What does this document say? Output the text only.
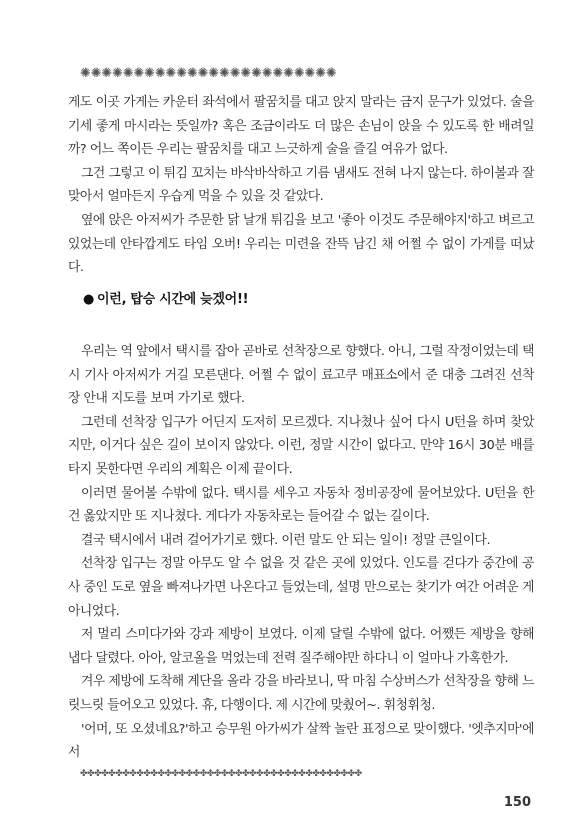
✺✺✺✺✺✺✺✺✺✺✺✺✺✺✺✺✺✺✺✺✺✺✺✺

게도 이곳 가게는 카운터 좌석에서 팔꿈치를 대고 앉지 말라는 금지 문구가 있었다. 술을 기세 좋게 마시라는 뜻일까? 혹은 조금이라도 더 많은 손님이 앉을 수 있도록 한 배려일까? 어느 쪽이든 우리는 팔꿈치를 대고 느긋하게 술을 즐길 여유가 없다.

그건 그렇고 이 튀김 꼬치는 바삭바삭하고 기름 냄새도 전혀 나지 않는다. 하이볼과 잘 맞아서 얼마든지 우습게 먹을 수 있을 것 같았다.

옆에 앉은 아저씨가 주문한 닭 날개 튀김을 보고 '좋아 이것도 주문해야지'하고 벼르고 있었는데 안타깝게도 타임 오버! 우리는 미련을 잔뜩 남긴 채 어쩔 수 없이 가게를 떠났다.

● 이런, 탑승 시간에 늦겠어!!

우리는 역 앞에서 택시를 잡아 곧바로 선착장으로 향했다. 아니, 그럴 작정이었는데 택시 기사 아저씨가 거길 모른댄다. 어쩔 수 없이 료고쿠 매표소에서 준 대충 그려진 선착장 안내 지도를 보며 가기로 했다.

그런데 선착장 입구가 어딘지 도저히 모르겠다. 지나쳤나 싶어 다시 U턴을 하며 찾았지만, 이거다 싶은 길이 보이지 않았다. 이런, 정말 시간이 없다고. 만약 16시 30분 배를 타지 못한다면 우리의 계획은 이제 끝이다.

이러면 물어볼 수밖에 없다. 택시를 세우고 자동차 정비공장에 물어보았다. U턴을 한 건 옳았지만 또 지나쳤다. 게다가 자동차로는 들어갈 수 없는 길이다.

결국 택시에서 내려 걸어가기로 했다. 이런 말도 안 되는 일이! 정말 큰일이다.

선착장 입구는 정말 아무도 알 수 없을 것 같은 곳에 있었다. 인도를 걷다가 중간에 공사 중인 도로 옆을 빠져나가면 나온다고 들었는데, 설명 만으로는 찾기가 여간 어려운 게 아니었다.

저 멀리 스미다가와 강과 제방이 보였다. 이제 달릴 수밖에 없다. 어쨌든 제방을 향해 냅다 달렸다. 아아, 알코올을 먹었는데 전력 질주해야만 하다니 이 얼마나 가혹한가.

겨우 제방에 도착해 계단을 올라 강을 바라보니, 딱 마침 수상버스가 선착장을 향해 느릿느릿 들어오고 있었다. 휴, 다행이다. 제 시간에 맞췄어~. 휘청휘청.

'어머, 또 오셨네요?'하고 승무원 아가씨가 살짝 놀란 표정으로 맞이했다. '엣추지마'에서

✤✤✤✤✤✤✤✤✤✤✤✤✤✤✤✤✤✤✤✤✤✤✤✤✤✤✤✤✤✤✤✤✤✤✤✤✤✤✤✤
150
